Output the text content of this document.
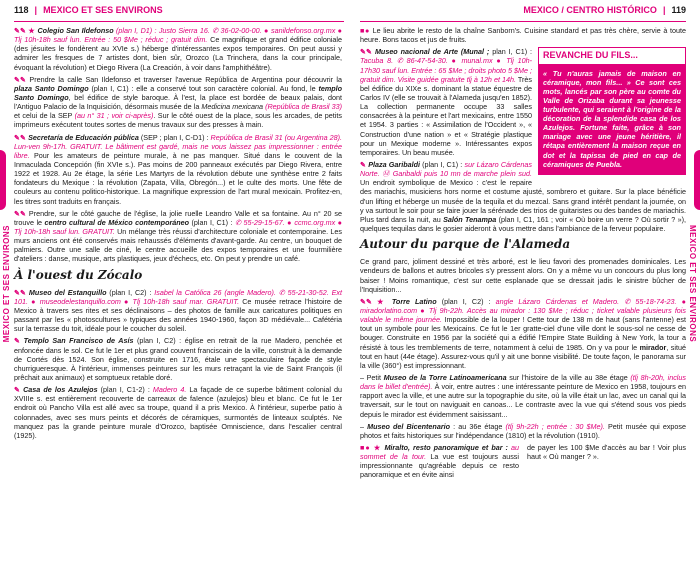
118 | MEXICO ET SES ENVIRONS	MEXICO / CENTRO HISTÓRICO | 119
MEXICO ET SES ENVIRONS	MEXICO ET SES ENVIRONS

✎✎ ★ Colegio San Ildefonso (plan I, D1) : Justo Sierra 16. ✆ 36-02-00-00. ● sanildefonso.org.mx ● Tlj 10h-18h sauf lun. Entrée : 50 $Me ; réduc ; gratuit dim. Ce magnifique et grand édifice coloniale (des jésuites le fondèrent au XVIe s.) héberge d'intéressantes expos temporaires. On peut aussi y admirer les fresques de 7 artistes dont, bien sûr, Orozco (La Trinchera, dans la cour principale, évoquant la révolution) et Diego Rivera (La Creación, à voir dans l'amphithéâtre).

✎✎ Prendre la calle San Ildefonso et traverser l'avenue República de Argentina pour découvrir la plaza Santo Domingo (plan I, C1) : elle a conservé tout son caractère colonial. Au fond, le templo Santo Domingo, bel édifice de style baroque. À l'est, la place est bordée de beaux palais, dont l'Antiguo Palacio de la Inquisición, désormais musée de la Medicina mexicana (República de Brasil 33) et celui de la SEP (au n° 31 ; voir ci-après). Sur le côté ouest de la place, sous les arcades, de petits imprimeurs exécutent toutes sortes de menus travaux sur des presses à main.

✎✎ Secretaría de Educación pública (SEP ; plan I, C-D1) : República de Brasil 31 (ou Argentina 28). Lun-ven 9h-17h. GRATUIT. Le bâtiment est gardé, mais ne vous laissez pas impressionner : entrée libre. Pour les amateurs de peinture murale, à ne pas manquer. Situé dans le couvent de la Inmaculada Concepción (fin XVIe s.). Pas moins de 200 panneaux exécutés par Diego Rivera, entre 1922 et 1928. Au 2e étage, la série Les Martyrs de la révolution débute une synthèse entre 2 faits fondateurs du Mexique : la révolution (Zapata, Villa, Obregón...) et le culte des morts. Une fête de couleurs au contenu politico-historique. La magnifique expression de l'art mural mexicain. Profitez-en, les titres sont traduits en français.

✎✎ Prendre, sur le côté gauche de l'église, la jolie ruelle Leandro Valle et sa fontaine. Au n° 20 se trouve le centro cultural de México contemporáneo (plan I, C1) : ✆ 55-29-15-67. ● ccmc.org.mx ● Tlj 10h-18h sauf lun. GRATUIT. Un mélange très réussi d'architecture coloniale et contemporaine. Les murs anciens ont été conservés mais rehaussés d'éléments d'avant-garde. Au centre, un bouquet de palmiers. Outre une salle de ciné, le centre accueille des expos temporaires et une fourmilière d'ateliers : danse, musique, arts plastiques, jeux d'échecs, etc. On peut y prendre un café.

À l'ouest du Zócalo

✎✎ Museo del Estanquillo (plan I, C2) : Isabel la Católica 26 (angle Madero). ✆ 55-21-30-52. Ext 101. ● museodelestanquillo.com ● Tlj 10h-18h sauf mar. GRATUIT. Ce musée retrace l'histoire de Mexico à travers ses rites et ses déclinaisons – des photos de famille aux caricatures politiques en passant par les « photoscultures » typiques des années 1940-1960, façon 3D médiévale... Cafétéria sur la terrasse du toit, idéale pour le coucher du soleil.

✎ Templo San Francisco de Asís (plan I, C2) : église en retrait de la rue Madero, penchée et enfoncée dans le sol. Ce fut le 1er et plus grand couvent franciscain de la ville, construit à la demande de Cortés dès 1524. Son église, construite en 1716, étale une spectaculaire façade de style churrigueresque. À l'intérieur, immenses peintures sur les murs retraçant la vie de Saint François (il prêchait aux animaux) et somptueux retable doré.

✎ Casa de los Azulejos (plan I, C1-2) : Madero 4. La façade de ce superbe bâtiment colonial du XVIIIe s. est entièrement recouverte de carreaux de faïence (azulejos) bleu et blanc. Ce fut le 1er endroit où Pancho Villa est allé avec sa troupe, quand il a pris Mexico. À l'intérieur, superbe patio à colonnades, avec ses murs peints et décorés de céramiques, surmontés de linteaux sculptés. Ne manquez pas la grande peinture murale d'Orozco, baptisée Omniscience, dans l'escalier central (1925).

■● Le lieu abrite le resto de la chaîne Sanborn's. Cuisine standard et pas très chère, servie à toute heure. Bons tacos et jus de fruits.

REVANCHE DU FILS...
« Tu n'auras jamais de maison en céramique, mon fils... » Ce sont ces mots, lancés par son père au comte du Valle de Orizaba durant sa jeunesse turbulente, qui seraient à l'origine de la décoration de la splendide casa de los Azulejos. Fortune faite, grâce à son mariage avec une jeune héritière, il rétapa entièrement la maison reçue en dot et la tapissa de pied en cap de céramiques de Puebla.

✎✎ Museo nacional de Arte (Munal ; plan I, C1) : Tacuba 8. ✆ 86-47-54-30. ● munal.mx ● Tlj 10h-17h30 sauf lun. Entrée : 65 $Me ; droits photo 5 $Me ; gratuit dim. Visite guidée gratuite tlj à 12h et 14h. Très bel édifice du XIXe s. dominant la statue équestre de Carlos IV (elle se trouvait à l'Alameda jusqu'en 1852). La collection permanente occupe 33 salles consacrées à la peinture et l'art mexicains, entre 1550 et 1954. 3 parties : « Assimilation de l'Occident », « Construction d'une nation » et « Stratégie plastique pour un Mexique moderne ». Intéressantes expos temporaires. Un beau musée.

✎ Plaza Garibaldi (plan I, C1) : sur Lázaro Cárdenas Norte. Ⓜ Garibaldi puis 10 mn de marche plein sud. Un endroit symbolique de Mexico : c'est le repaire des mariachis, musiciens hors norme et costume ajusté, sombrero et guitare. Sur la place bénéficie d'un lifting et héberge un musée de la tequila et du mezcal. Sans grand intérêt pendant la journée, on y va surtout le soir pour se faire jouer la sérénade des trios de guitaristes ou des bandes de mariachis. Plus tard dans la nuit, au Salón Tenampa (plan I, C1, 161 ; voir « Où boire un verre ? Où sortir ? »), quelques tequilas dans le gosier aideront à vous mettre dans l'ambiance de la ferveur populaire.

Autour du parque de l'Alameda

Ce grand parc, joliment dessiné et très arboré, est le lieu favori des promenades dominicales. Les vendeurs de ballons et autres bricoles s'y pressent alors. On y a même vu un concours du plus long baiser ! Moins romantique, c'est sur cette esplanade que se dressait jadis le sinistre bûcher de l'Inquisition...

✎✎ ★ Torre Latino (plan I, C2) : angle Lázaro Cárdenas et Madero. ✆ 55-18-74-23. ● miradorlatino.com ● Tlj 9h-22h. Accès au mirador : 130 $Me ; réduc ; ticket valable plusieurs fois valable le même journée. Impossible de la louper ! Cette tour de 138 m de haut (sans l'antenne) est tout un symbole pour les Mexicains. Ce fut le 1er gratte-ciel d'une ville dont le sous-sol ne cesse de bouger. Construite en 1956 par la société qui a édifié l'Empire State Building à New York, la tour a résisté à tous les tremblements de terre, notamment à celui de 1985. On y va pour le mirador, situé tout en haut (44e étage). Assurez-vous qu'il y ait une bonne visibilité. De toute façon, le panorama sur la ville (360°) est impressionnant.

– Petit Museo de la Torre Latinoamericana sur l'histoire de la ville au 38e étage (tlj 8h-20h, inclus dans le billet d'entrée). À voir, entre autres : une intéressante peinture de Mexico en 1958, toujours en rapport avec la ville, et une autre sur la topographie du site, où la ville était un lac, avec un canal qui la traversait, sur le tout on naviguait en canoas... Le contraste avec la vue qui s'étend sous vos pieds depuis le mirador est évidemment saisissant...

– Museo del Bicentenario : au 36e étage (tlj 9h-22h ; entrée : 30 $Me). Petit musée qui expose photos et faits historiques sur l'indépendance (1810) et la révolution (1910).

■● ★ Miralto, resto panoramique et bar : au sommet de la tour. La vue est toujours aussi impressionnante qu'agréable depuis ce resto panoramique et en évite ainsi

de payer les 100 $Me d'accès au bar ! Voir plus haut « Où manger ? ».
